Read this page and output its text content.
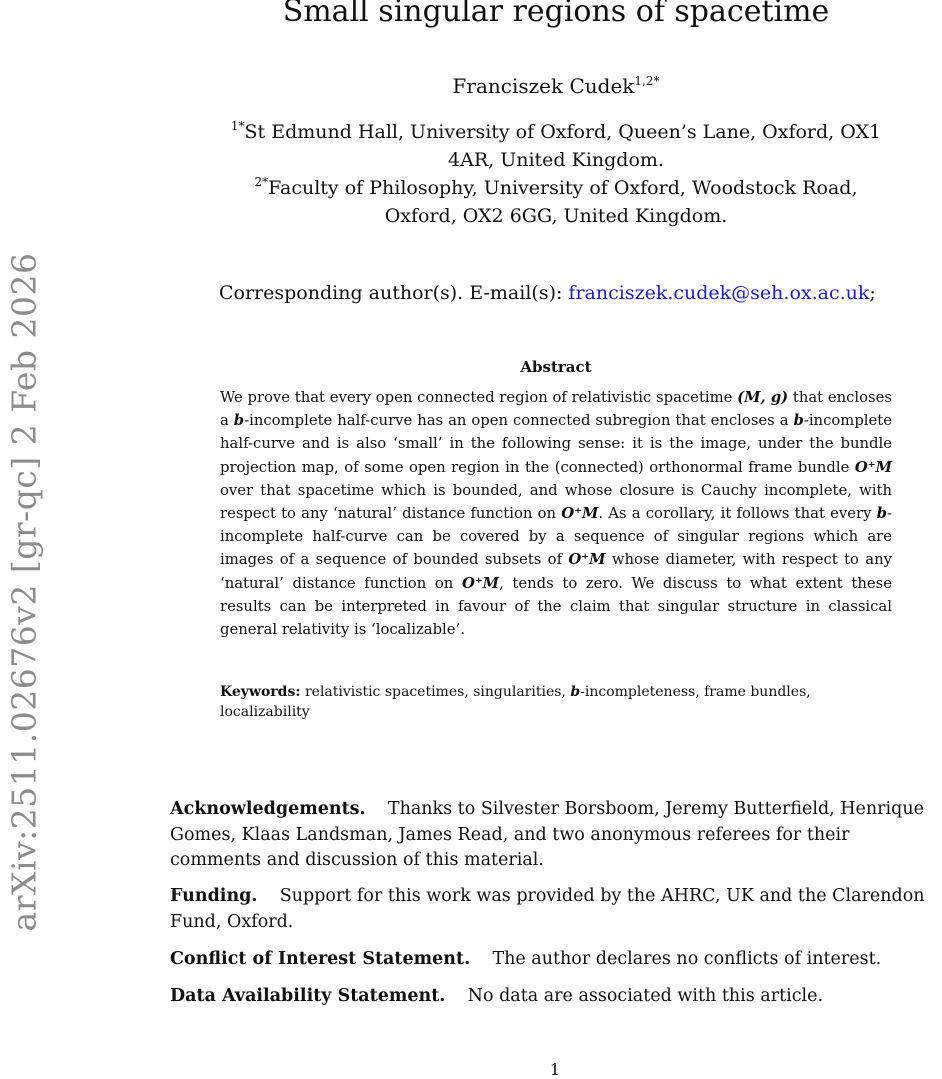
arXiv:2511.02676v2 [gr-qc] 2 Feb 2026
Small singular regions of spacetime
Franciszek Cudek$^{1,2*}$
$^{1*}$St Edmund Hall, University of Oxford, Queen’s Lane, Oxford, OX1
4AR, United Kingdom.
$^{2*}$Faculty of Philosophy, University of Oxford, Woodstock Road,
Oxford, OX2 6GG, United Kingdom.
Corresponding author(s). E-mail(s): franciszek.cudek@seh.ox.ac.uk;
Abstract
We prove that every open connected region of relativistic spacetime (M, g) that encloses a b-incomplete half-curve has an open connected subregion that encloses a b-incomplete half-curve and is also ‘small’ in the following sense: it is the image, under the bundle projection map, of some open region in the (connected) orthonormal frame bundle O⁺M over that spacetime which is bounded, and whose closure is Cauchy incomplete, with respect to any ‘natural’ distance function on O⁺M. As a corollary, it follows that every b-incomplete half-curve can be covered by a sequence of singular regions which are images of a sequence of bounded subsets of O⁺M whose diameter, with respect to any ‘natural’ distance function on O⁺M, tends to zero. We discuss to what extent these results can be interpreted in favour of the claim that singular structure in classical general relativity is ‘localizable’.
Keywords: relativistic spacetimes, singularities, b-incompleteness, frame bundles, localizability
Acknowledgements. Thanks to Silvester Borsboom, Jeremy Butterfield, Henrique Gomes, Klaas Landsman, James Read, and two anonymous referees for their comments and discussion of this material.
Funding. Support for this work was provided by the AHRC, UK and the Clarendon Fund, Oxford.
Conflict of Interest Statement. The author declares no conflicts of interest.
Data Availability Statement. No data are associated with this article.
1
